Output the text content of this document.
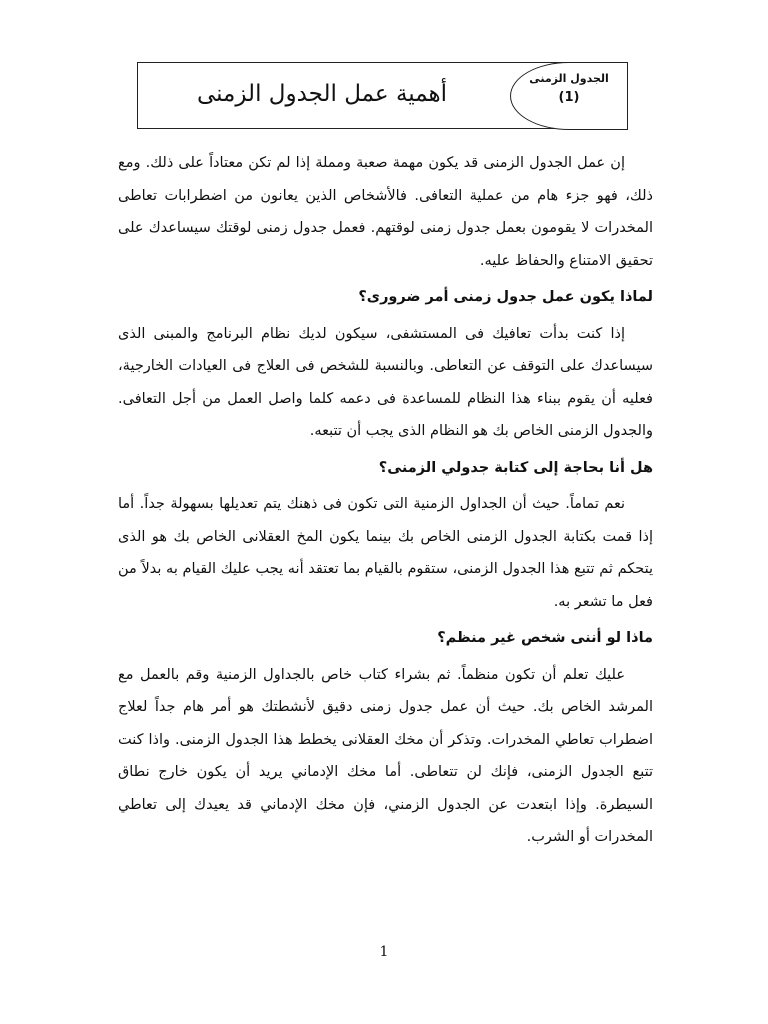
أهمية عمل الجدول الزمنى
الجدول الزمنى
(1)

إن عمل الجدول الزمنى قد يكون مهمة صعبة ومملة إذا لم تكن معتاداً على ذلك. ومع ذلك، فهو جزء هام من عملية التعافى. فالأشخاص الذين يعانون من اضطرابات تعاطى المخدرات لا يقومون بعمل جدول زمنى لوقتهم. فعمل جدول زمنى لوقتك سيساعدك على تحقيق الامتناع والحفاظ عليه.

لماذا يكون عمل جدول زمنى أمر ضرورى؟

إذا كنت بدأت تعافيك فى المستشفى، سيكون لديك نظام البرنامج والمبنى الذى سيساعدك على التوقف عن التعاطى. وبالنسبة للشخص فى العلاج فى العيادات الخارجية، فعليه أن يقوم ببناء هذا النظام للمساعدة فى دعمه كلما واصل العمل من أجل التعافى. والجدول الزمنى الخاص بك هو النظام الذى يجب أن تتبعه.

هل أنا بحاجة إلى كتابة جدولي الزمنى؟

نعم تماماً. حيث أن الجداول الزمنية التى تكون فى ذهنك يتم تعديلها بسهولة جداً. أما إذا قمت بكتابة الجدول الزمنى الخاص بك بينما يكون المخ العقلانى الخاص بك هو الذى يتحكم ثم تتبع هذا الجدول الزمنى، ستقوم بالقيام بما تعتقد أنه يجب عليك القيام به بدلاً من فعل ما تشعر به.

ماذا لو أننى شخص غير منظم؟

عليك تعلم أن تكون منظماً. ثم بشراء كتاب خاص بالجداول الزمنية وقم بالعمل مع المرشد الخاص بك. حيث أن عمل جدول زمنى دقيق لأنشطتك هو أمر هام جداً لعلاج اضطراب تعاطي المخدرات. وتذكر أن مخك العقلانى يخطط هذا الجدول الزمنى. واذا كنت تتبع الجدول الزمنى، فإنك لن تتعاطى. أما مخك الإدماني يريد أن يكون خارج نطاق السيطرة. وإذا ابتعدت عن الجدول الزمني، فإن مخك الإدماني قد يعيدك إلى تعاطي المخدرات أو الشرب.

1
